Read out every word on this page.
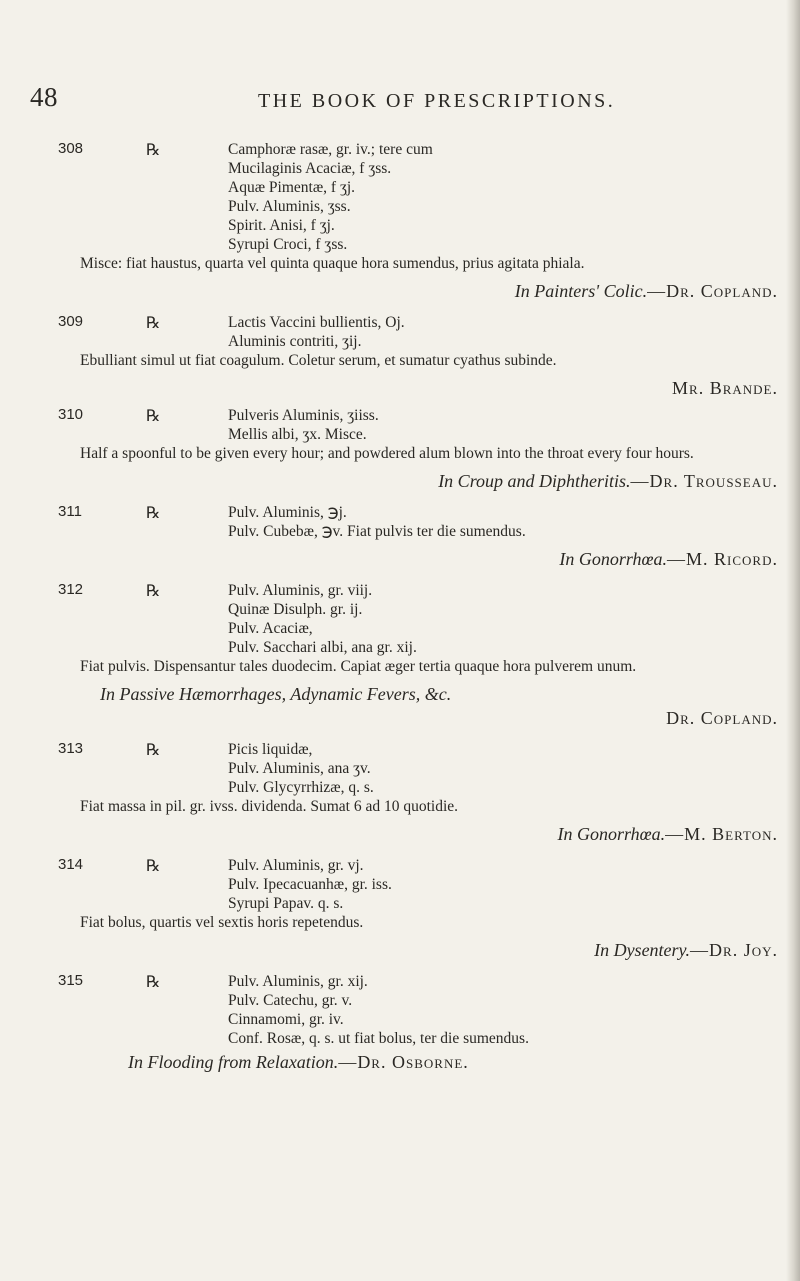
48	THE BOOK OF PRESCRIPTIONS.
308	℞	Camphoræ rasæ, gr. iv.; tere cum
Mucilaginis Acaciæ, f ʒss.
Aquæ Pimentæ, f ʒj.
Pulv. Aluminis, ʒss.
Spirit. Anisi, f ʒj.
Syrupi Croci, f ʒss.
Misce: fiat haustus, quarta vel quinta quaque hora sumendus, prius agitata phiala.
In Painters' Colic.—Dr. Copland.
309	℞	Lactis Vaccini bullientis, Oj.
Aluminis contriti, ʒij.
Ebulliant simul ut fiat coagulum. Coletur serum, et sumatur cyathus subinde.
Mr. Brande.
310	℞	Pulveris Aluminis, ʒiiss.
Mellis albi, ʒx. Misce.
Half a spoonful to be given every hour; and powdered alum blown into the throat every four hours.
In Croup and Diphtheritis.—Dr. Trousseau.
311	℞	Pulv. Aluminis, ℈j.
Pulv. Cubebæ, ℈v. Fiat pulvis ter die sumendus.
In Gonorrhœa.—M. Ricord.
312	℞	Pulv. Aluminis, gr. viij.
Quinæ Disulph. gr. ij.
Pulv. Acaciæ,
Pulv. Sacchari albi, ana gr. xij.
Fiat pulvis. Dispensantur tales duodecim. Capiat æger tertia quaque hora pulverem unum.
In Passive Hæmorrhages, Adynamic Fevers, &c.
Dr. Copland.
313	℞	Picis liquidæ,
Pulv. Aluminis, ana ʒv.
Pulv. Glycyrrhizæ, q. s.
Fiat massa in pil. gr. ivss. dividenda. Sumat 6 ad 10 quotidie.
In Gonorrhœa.—M. Berton.
314	℞	Pulv. Aluminis, gr. vj.
Pulv. Ipecacuanhæ, gr. iss.
Syrupi Papav. q. s.
Fiat bolus, quartis vel sextis horis repetendus.
In Dysentery.—Dr. Joy.
315	℞	Pulv. Aluminis, gr. xij.
Pulv. Catechu, gr. v.
Cinnamomi, gr. iv.
Conf. Rosæ, q. s. ut fiat bolus, ter die sumendus.
In Flooding from Relaxation.—Dr. Osborne.
